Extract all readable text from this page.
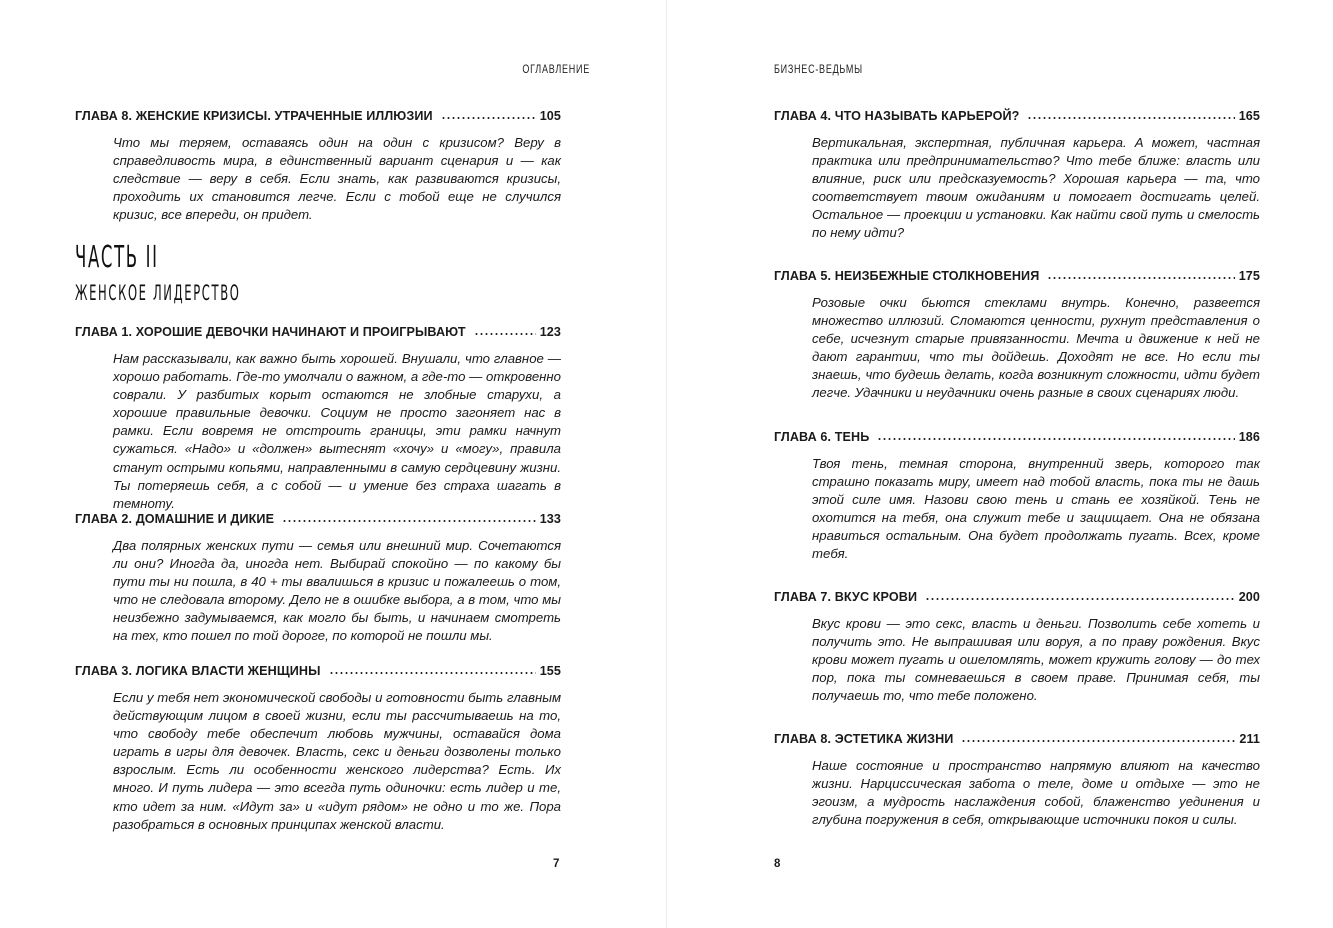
ОГЛАВЛЕНИЕ	БИЗНЕС-ВЕДЬМЫ
ГЛАВА 8. ЖЕНСКИЕ КРИЗИСЫ. УТРАЧЕННЫЕ ИЛЛЮЗИИ	105
Что мы теряем, оставаясь один на один с кризисом? Веру в справедливость мира, в единственный вариант сценария и — как следствие — веру в себя. Если знать, как развиваются кризисы, проходить их становится легче. Если с тобой еще не случился кризис, все впереди, он придет.
ЧАСТЬ II
ЖЕНСКОЕ ЛИДЕРСТВО
ГЛАВА 1. ХОРОШИЕ ДЕВОЧКИ НАЧИНАЮТ И ПРОИГРЫВАЮТ	123
Нам рассказывали, как важно быть хорошей. Внушали, что главное — хорошо работать. Где-то умолчали о важном, а где-то — откровенно соврали. У разбитых корыт остаются не злобные старухи, а хорошие правильные девочки. Социум не просто загоняет нас в рамки. Если вовремя не отстроить границы, эти рамки начнут сужаться. «Надо» и «должен» вытеснят «хочу» и «могу», правила станут острыми копьями, направленными в самую сердцевину жизни. Ты потеряешь себя, а с собой — и умение без страха шагать в темноту.
ГЛАВА 2. ДОМАШНИЕ И ДИКИЕ	133
Два полярных женских пути — семья или внешний мир. Сочетаются ли они? Иногда да, иногда нет. Выбирай спокойно — по какому бы пути ты ни пошла, в 40 + ты ввалишься в кризис и пожалеешь о том, что не следовала второму. Дело не в ошибке выбора, а в том, что мы неизбежно задумываемся, как могло бы быть, и начинаем смотреть на тех, кто пошел по той дороге, по которой не пошли мы.
ГЛАВА 3. ЛОГИКА ВЛАСТИ ЖЕНЩИНЫ	155
Если у тебя нет экономической свободы и готовности быть главным действующим лицом в своей жизни, если ты рассчитываешь на то, что свободу тебе обеспечит любовь мужчины, оставайся дома играть в игры для девочек. Власть, секс и деньги дозволены только взрослым. Есть ли особенности женского лидерства? Есть. Их много. И путь лидера — это всегда путь одиночки: есть лидер и те, кто идет за ним. «Идут за» и «идут рядом» не одно и то же. Пора разобраться в основных принципах женской власти.
7
ГЛАВА 4. ЧТО НАЗЫВАТЬ КАРЬЕРОЙ?	165
Вертикальная, экспертная, публичная карьера. А может, частная практика или предпринимательство? Что тебе ближе: власть или влияние, риск или предсказуемость? Хорошая карьера — та, что соответствует твоим ожиданиям и помогает достигать целей. Остальное — проекции и установки. Как найти свой путь и смелость по нему идти?
ГЛАВА 5. НЕИЗБЕЖНЫЕ СТОЛКНОВЕНИЯ	175
Розовые очки бьются стеклами внутрь. Конечно, развеется множество иллюзий. Сломаются ценности, рухнут представления о себе, исчезнут старые привязанности. Мечта и движение к ней не дают гарантии, что ты дойдешь. Доходят не все. Но если ты знаешь, что будешь делать, когда возникнут сложности, идти будет легче. Удачники и неудачники очень разные в своих сценариях люди.
ГЛАВА 6. ТЕНЬ	186
Твоя тень, темная сторона, внутренний зверь, которого так страшно показать миру, имеет над тобой власть, пока ты не дашь этой силе имя. Назови свою тень и стань ее хозяйкой. Тень не охотится на тебя, она служит тебе и защищает. Она не обязана нравиться остальным. Она будет продолжать пугать. Всех, кроме тебя.
ГЛАВА 7. ВКУС КРОВИ	200
Вкус крови — это секс, власть и деньги. Позволить себе хотеть и получить это. Не выпрашивая или воруя, а по праву рождения. Вкус крови может пугать и ошеломлять, может кружить голову — до тех пор, пока ты сомневаешься в своем праве. Принимая себя, ты получаешь то, что тебе положено.
ГЛАВА 8. ЭСТЕТИКА ЖИЗНИ	211
Наше состояние и пространство напрямую влияют на качество жизни. Нарциссическая забота о теле, доме и отдыхе — это не эгоизм, а мудрость наслаждения собой, блаженство уединения и глубина погружения в себя, открывающие источники покоя и силы.
8
